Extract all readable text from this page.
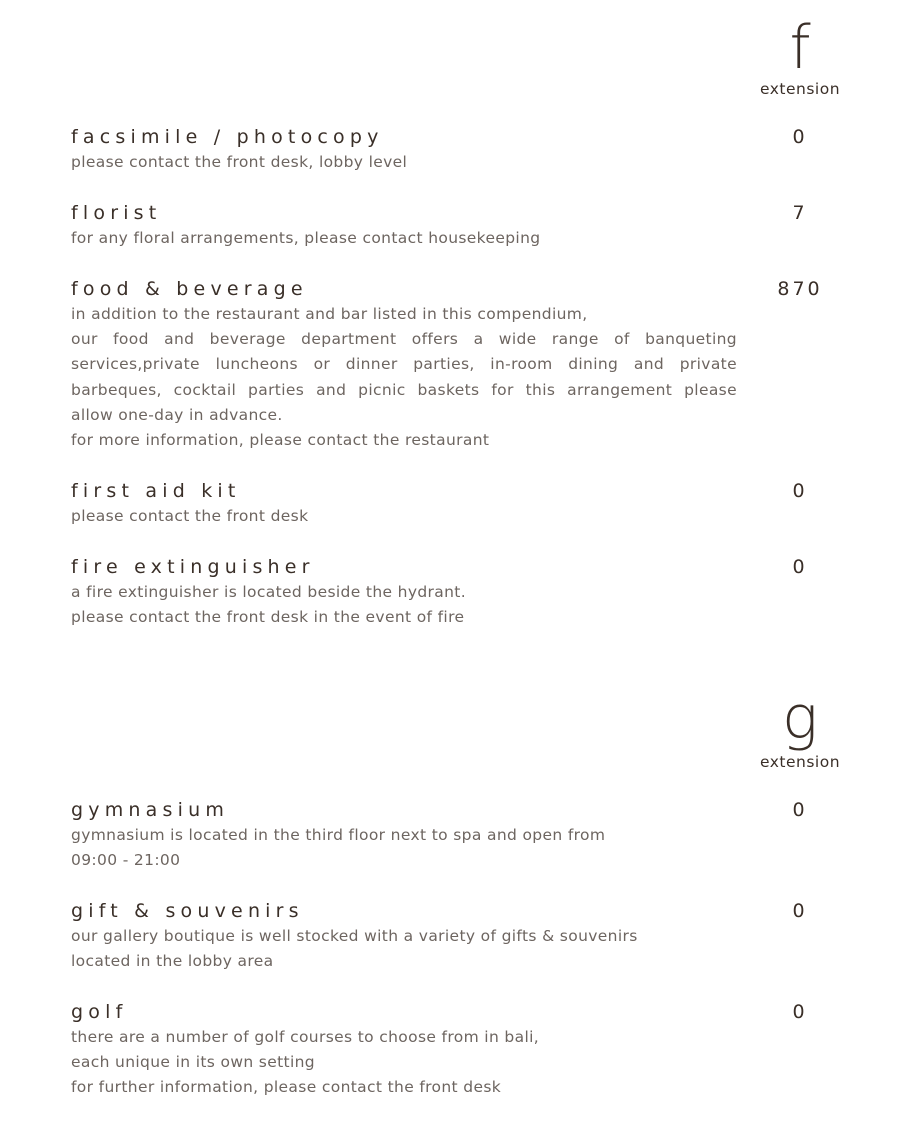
f
extension
facsimile / photocopy
please contact the front desk, lobby level
0
florist
for any floral arrangements, please contact housekeeping
7
food & beverage
in addition to the restaurant and bar listed in this compendium,
our food and beverage department offers a wide range of banqueting
services,private luncheons or dinner parties, in-room dining and private
barbeques, cocktail parties and picnic baskets for this arrangement please
allow one-day in advance.
for more information, please contact the restaurant
870
first aid kit
please contact the front desk
0
fire extinguisher
a fire extinguisher is located beside the hydrant.
please contact the front desk in the event of fire
0
g
extension
gymnasium
gymnasium is located in the third floor next to spa and open from
09:00 - 21:00
0
gift & souvenirs
our gallery boutique is well stocked with a variety of gifts & souvenirs
located in the lobby area
0
golf
there are a number of golf courses to choose from in bali,
each unique in its own setting
for further information, please contact the front desk
0
